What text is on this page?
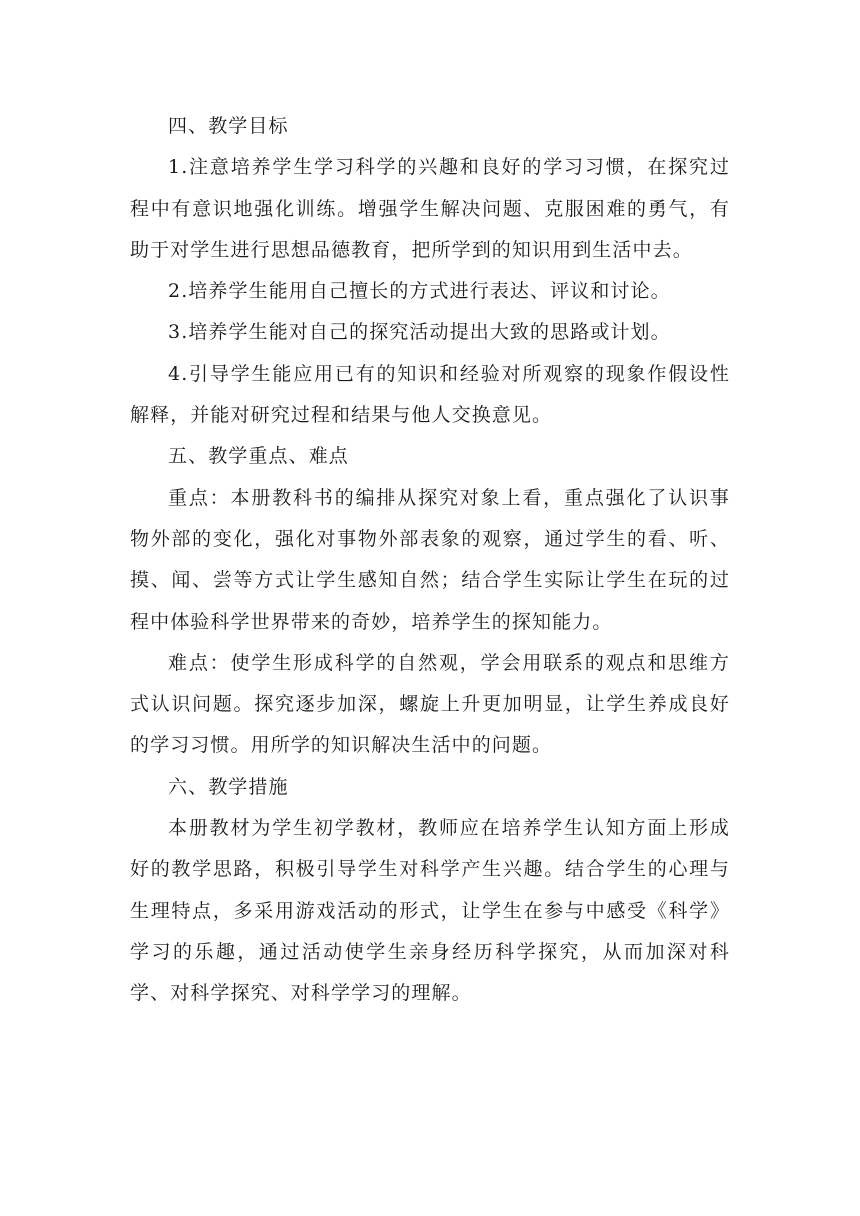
四、教学目标

1.注意培养学生学习科学的兴趣和良好的学习习惯，在探究过程中有意识地强化训练。增强学生解决问题、克服困难的勇气，有助于对学生进行思想品德教育，把所学到的知识用到生活中去。

2.培养学生能用自己擅长的方式进行表达、评议和讨论。

3.培养学生能对自己的探究活动提出大致的思路或计划。

4.引导学生能应用已有的知识和经验对所观察的现象作假设性解释，并能对研究过程和结果与他人交换意见。

五、教学重点、难点

重点：本册教科书的编排从探究对象上看，重点强化了认识事物外部的变化，强化对事物外部表象的观察，通过学生的看、听、摸、闻、尝等方式让学生感知自然；结合学生实际让学生在玩的过程中体验科学世界带来的奇妙，培养学生的探知能力。

难点：使学生形成科学的自然观，学会用联系的观点和思维方式认识问题。探究逐步加深，螺旋上升更加明显，让学生养成良好的学习习惯。用所学的知识解决生活中的问题。

六、教学措施

本册教材为学生初学教材，教师应在培养学生认知方面上形成好的教学思路，积极引导学生对科学产生兴趣。结合学生的心理与生理特点，多采用游戏活动的形式，让学生在参与中感受《科学》学习的乐趣，通过活动使学生亲身经历科学探究，从而加深对科学、对科学探究、对科学学习的理解。
